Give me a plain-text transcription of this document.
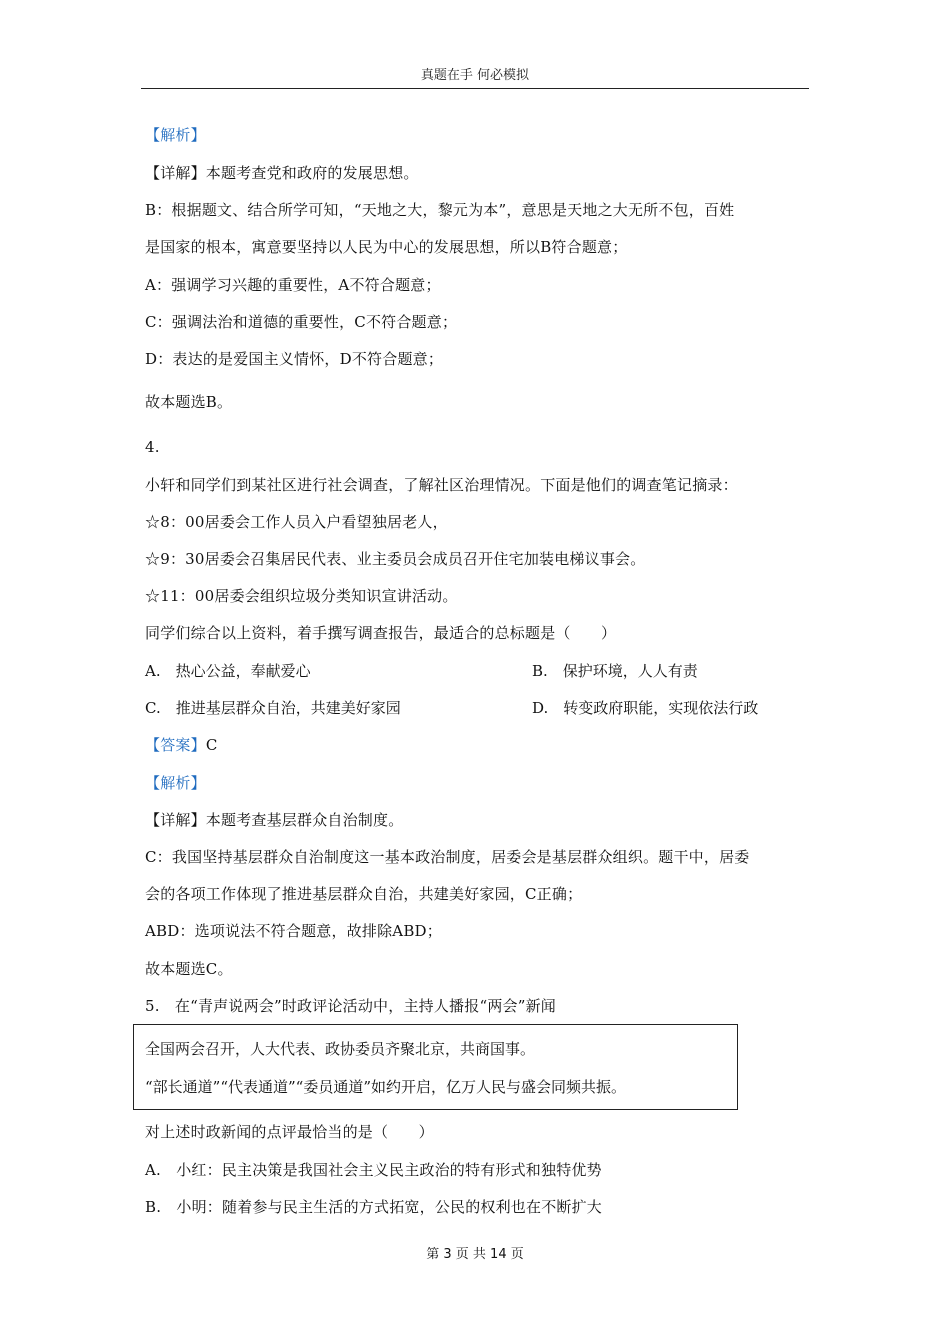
真题在手 何必模拟
【解析】
【详解】本题考查党和政府的发展思想。
B：根据题文、结合所学可知，“天地之大，黎元为本”，意思是天地之大无所不包，百姓
是国家的根本，寓意要坚持以人民为中心的发展思想，所以B符合题意；
A：强调学习兴趣的重要性，A不符合题意；
C：强调法治和道德的重要性，C不符合题意；
D：表达的是爱国主义情怀，D不符合题意；
故本题选B。
4.
小轩和同学们到某社区进行社会调查，了解社区治理情况。下面是他们的调查笔记摘录：
☆8：00居委会工作人员入户看望独居老人，
☆9：30居委会召集居民代表、业主委员会成员召开住宅加装电梯议事会。
☆11：00居委会组织垃圾分类知识宣讲活动。
同学们综合以上资料，着手撰写调查报告，最适合的总标题是（　　）
A.　热心公益，奉献爱心	B.　保护环境，人人有责
C.　推进基层群众自治，共建美好家园	D.　转变政府职能，实现依法行政
【答案】C
【解析】
【详解】本题考查基层群众自治制度。
C：我国坚持基层群众自治制度这一基本政治制度，居委会是基层群众组织。题干中，居委
会的各项工作体现了推进基层群众自治，共建美好家园，C正确；
ABD：选项说法不符合题意，故排除ABD；
故本题选C。
5.　在“青声说两会”时政评论活动中，主持人播报“两会”新闻
全国两会召开，人大代表、政协委员齐聚北京，共商国事。
“部长通道”“代表通道”“委员通道”如约开启，亿万人民与盛会同频共振。
对上述时政新闻的点评最恰当的是（　　）
A.　小红：民主决策是我国社会主义民主政治的特有形式和独特优势
B.　小明：随着参与民主生活的方式拓宽，公民的权利也在不断扩大
第 3 页 共 14 页
